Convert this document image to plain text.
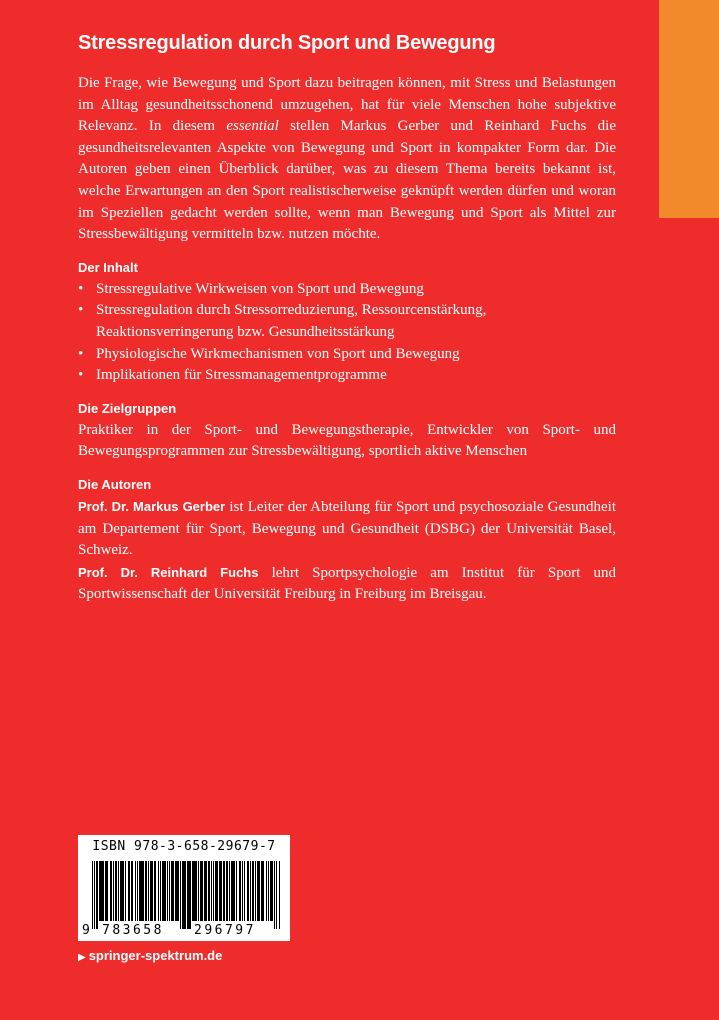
Stressregulation durch Sport und Bewegung

Die Frage, wie Bewegung und Sport dazu beitragen können, mit Stress und Belastungen im Alltag gesundheitsschonend umzugehen, hat für viele Menschen hohe subjektive Relevanz. In diesem essential stellen Markus Gerber und Reinhard Fuchs die gesundheitsrelevanten Aspekte von Bewegung und Sport in kompakter Form dar. Die Autoren geben einen Überblick darüber, was zu diesem Thema bereits bekannt ist, welche Erwartungen an den Sport realistischerweise geknüpft werden dürfen und woran im Speziellen gedacht werden sollte, wenn man Bewegung und Sport als Mittel zur Stressbewältigung vermitteln bzw. nutzen möchte.

Der Inhalt
• Stressregulative Wirkweisen von Sport und Bewegung
• Stressregulation durch Stressorreduzierung, Ressourcenstärkung, Reaktionsverringerung bzw. Gesundheitsstärkung
• Physiologische Wirkmechanismen von Sport und Bewegung
• Implikationen für Stressmanagementprogramme
Die Zielgruppen

Praktiker in der Sport- und Bewegungstherapie, Entwickler von Sport- und Bewegungsprogrammen zur Stressbewältigung, sportlich aktive Menschen

Die Autoren

Prof. Dr. Markus Gerber ist Leiter der Abteilung für Sport und psychosoziale Gesundheit am Departement für Sport, Bewegung und Gesundheit (DSBG) der Universität Basel, Schweiz.

Prof. Dr. Reinhard Fuchs lehrt Sportpsychologie am Institut für Sport und Sportwissenschaft der Universität Freiburg in Freiburg im Breisgau.

ISBN 978-3-658-29679-7
9 783658 296797
▶ springer-spektrum.de
